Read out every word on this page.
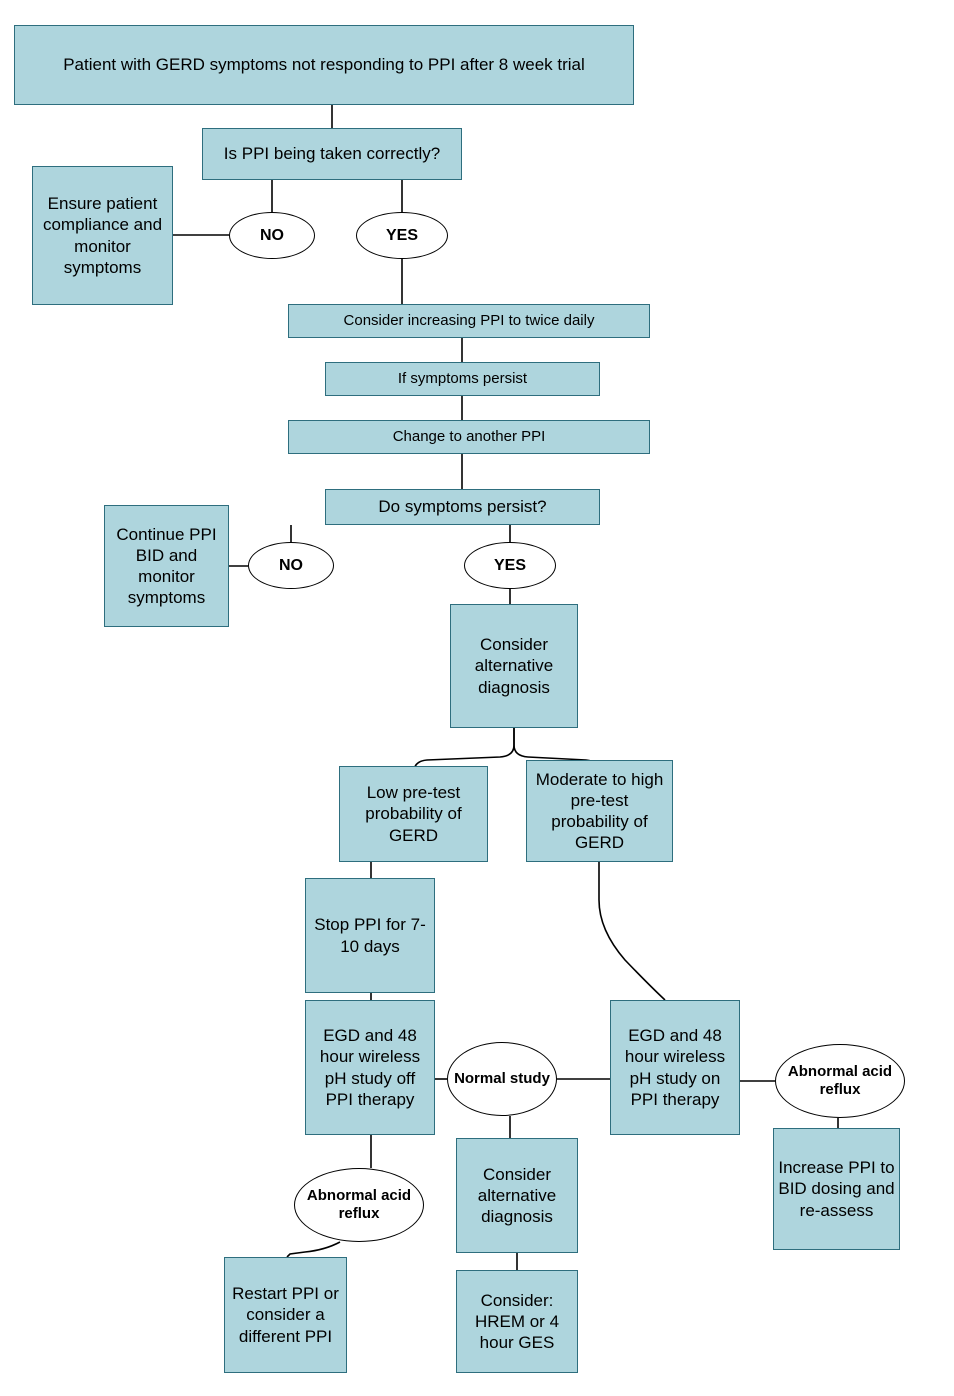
Patient with GERD symptoms not responding to PPI after 8 week trial
Is PPI being taken correctly?
NO	YES
Ensure patient compliance and monitor symptoms
Consider increasing PPI to twice daily
If symptoms persist
Change to another PPI
Do symptoms persist?
NO	YES
Continue PPI BID and monitor symptoms
Consider alternative diagnosis
Low pre-test probability of GERD
Moderate to high pre-test probability of GERD
Stop PPI for 7-10 days
EGD and 48 hour wireless pH study off PPI therapy
EGD and 48 hour wireless pH study on PPI therapy
Normal study	Abnormal acid reflux
Abnormal acid reflux
Increase PPI to BID dosing and re-assess
Consider alternative diagnosis
Restart PPI or consider a different PPI
Consider: HREM or 4 hour GES
